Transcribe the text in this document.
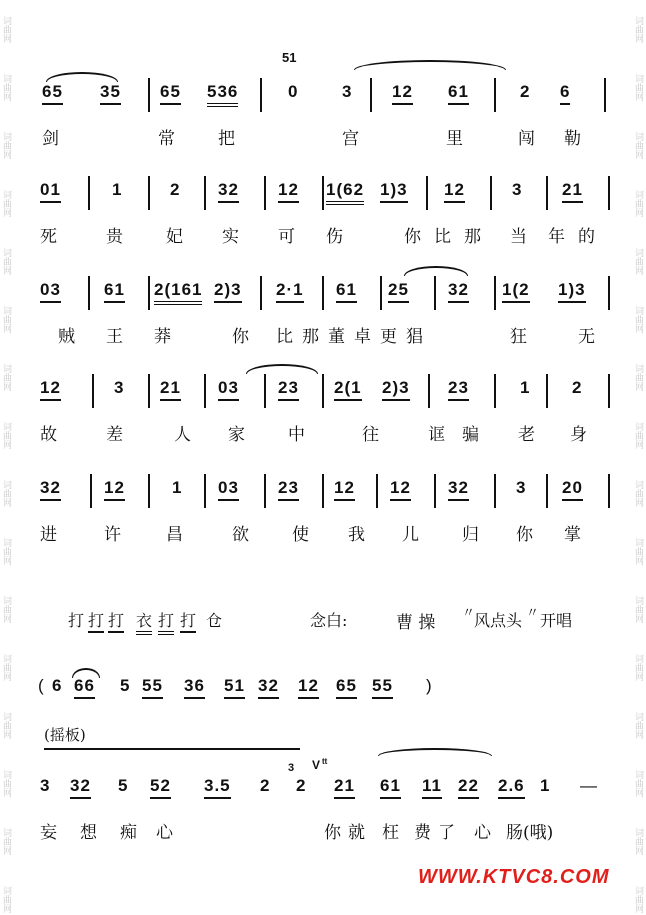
词曲网
词曲网
词曲网
词曲网
词曲网
词曲网
词曲网
词曲网
词曲网
词曲网
词曲网
词曲网
词曲网
词曲网
词曲网
词曲网
词曲网
词曲网
词曲网
词曲网
词曲网
词曲网
词曲网
词曲网
词曲网
词曲网
词曲网
词曲网
词曲网
词曲网
词曲网
词曲网
51
65 35 65 536	0	3 12 61	2 6
剑	常	把	宫	里	闯 勒
01	1	2 32 12 1(62 1)3 12	3 21
死	贵	妃 实 可 伤	你 比 那 当 年 的
03	61 2(161 2)3 2·1 61 25 32 1(2 1)3
贼 王 莽	你 比 那 董 卓 更 猖	狂	无
12	3 21 03 23 2(1 2)3 23	1 2
故	差	人 家	中	往	诓 骗 老 身
32	12	1 03 23 12 12 32	3 20
进	许	昌	欲	使 我 儿	归 你 掌
打 打 打 衣 打 打 仓	念白:	曹 操 〃
风点头 〃 开唱
( 6 66 5 55 36 51 32 12 65 55 )
(摇板)
3 32 5 52 3.5 2
3
2
V ᵗᵗ
21 61 11 22 2.6 1 —
妄 想 痴 心	你 就 枉 费 了 心 肠(哦)
WWW.KTVC8.COM
